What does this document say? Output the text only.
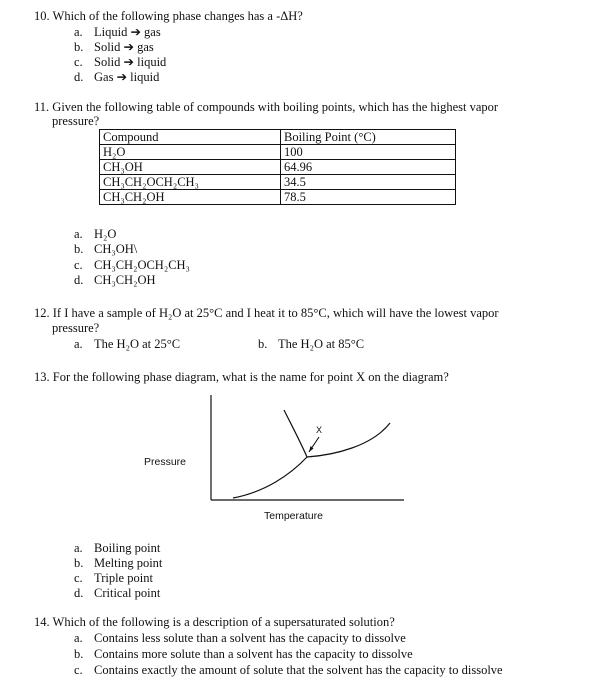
10. Which of the following phase changes has a -ΔH?
a. Liquid ➔ gas
b. Solid ➔ gas
c. Solid ➔ liquid
d. Gas ➔ liquid
11. Given the following table of compounds with boiling points, which has the highest vapor
pressure?
Compound	Boiling Point (°C)
H₂O	100
CH₃OH	64.96
CH₃CH₂OCH₂CH₃	34.5
CH₃CH₂OH	78.5
a. H₂O
b. CH₃OH\
c. CH₃CH₂OCH₂CH₃
d. CH₃CH₂OH
12. If I have a sample of H₂O at 25°C and I heat it to 85°C, which will have the lowest vapor
pressure?
a. The H₂O at 25°C	b. The H₂O at 85°C
13. For the following phase diagram, what is the name for point X on the diagram?
X
Pressure
Temperature
a. Boiling point
b. Melting point
c. Triple point
d. Critical point
14. Which of the following is a description of a supersaturated solution?
a. Contains less solute than a solvent has the capacity to dissolve
b. Contains more solute than a solvent has the capacity to dissolve
c. Contains exactly the amount of solute that the solvent has the capacity to dissolve
